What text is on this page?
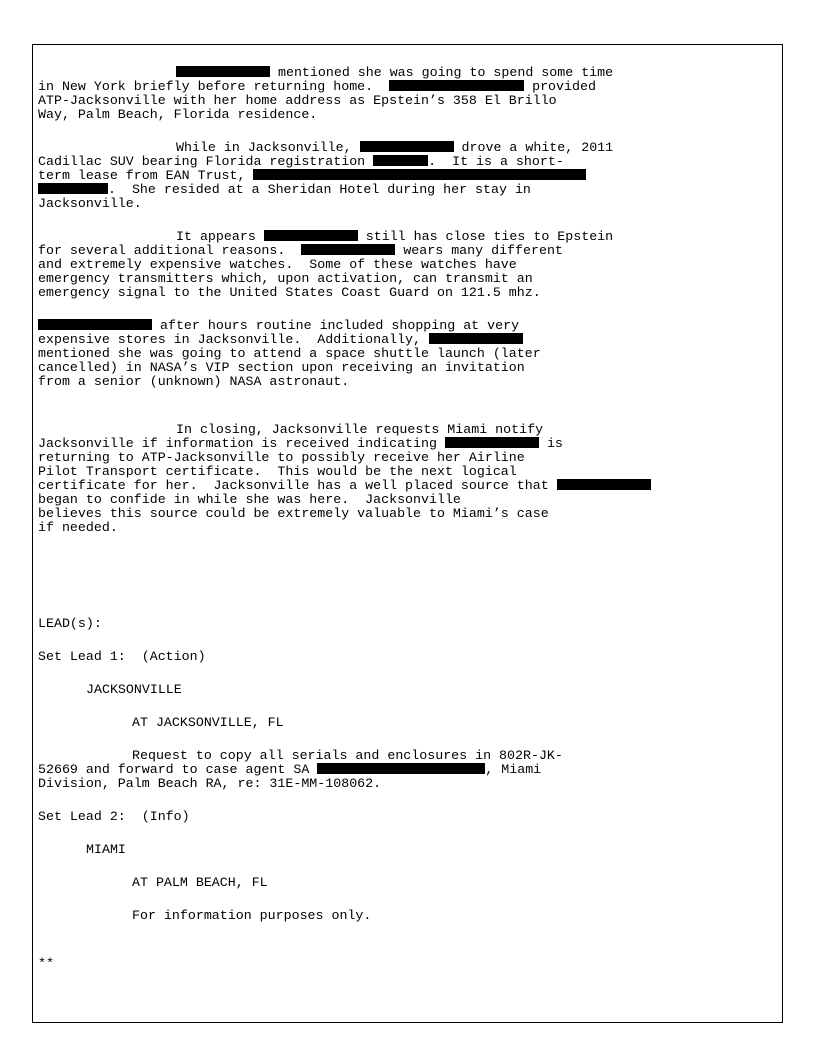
mentioned she was going to spend some time

in New York briefly before returning home.	provided

ATP-Jacksonville with her home address as Epstein’s 358 El Brillo

Way, Palm Beach, Florida residence.

While in Jacksonville,	drove a white, 2011

Cadillac SUV bearing Florida registration	.  It is a short-

term lease from EAN Trust,

.  She resided at a Sheridan Hotel during her stay in

Jacksonville.

It appears	still has close ties to Epstein

for several additional reasons.	wears many different

and extremely expensive watches.  Some of these watches have

emergency transmitters which, upon activation, can transmit an

emergency signal to the United States Coast Guard on 121.5 mhz.

after hours routine included shopping at very

expensive stores in Jacksonville.  Additionally,

mentioned she was going to attend a space shuttle launch (later

cancelled) in NASA’s VIP section upon receiving an invitation

from a senior (unknown) NASA astronaut.

In closing, Jacksonville requests Miami notify

Jacksonville if information is received indicating	is

returning to ATP-Jacksonville to possibly receive her Airline

Pilot Transport certificate.  This would be the next logical

certificate for her.  Jacksonville has a well placed source that

began to confide in while she was here.  Jacksonville

believes this source could be extremely valuable to Miami’s case

if needed.

LEAD(s):

Set Lead 1:  (Action)

JACKSONVILLE

AT JACKSONVILLE, FL

Request to copy all serials and enclosures in 802R-JK-

52669 and forward to case agent SA	, Miami

Division, Palm Beach RA, re: 31E-MM-108062.

Set Lead 2:  (Info)

MIAMI

AT PALM BEACH, FL

For information purposes only.

**
